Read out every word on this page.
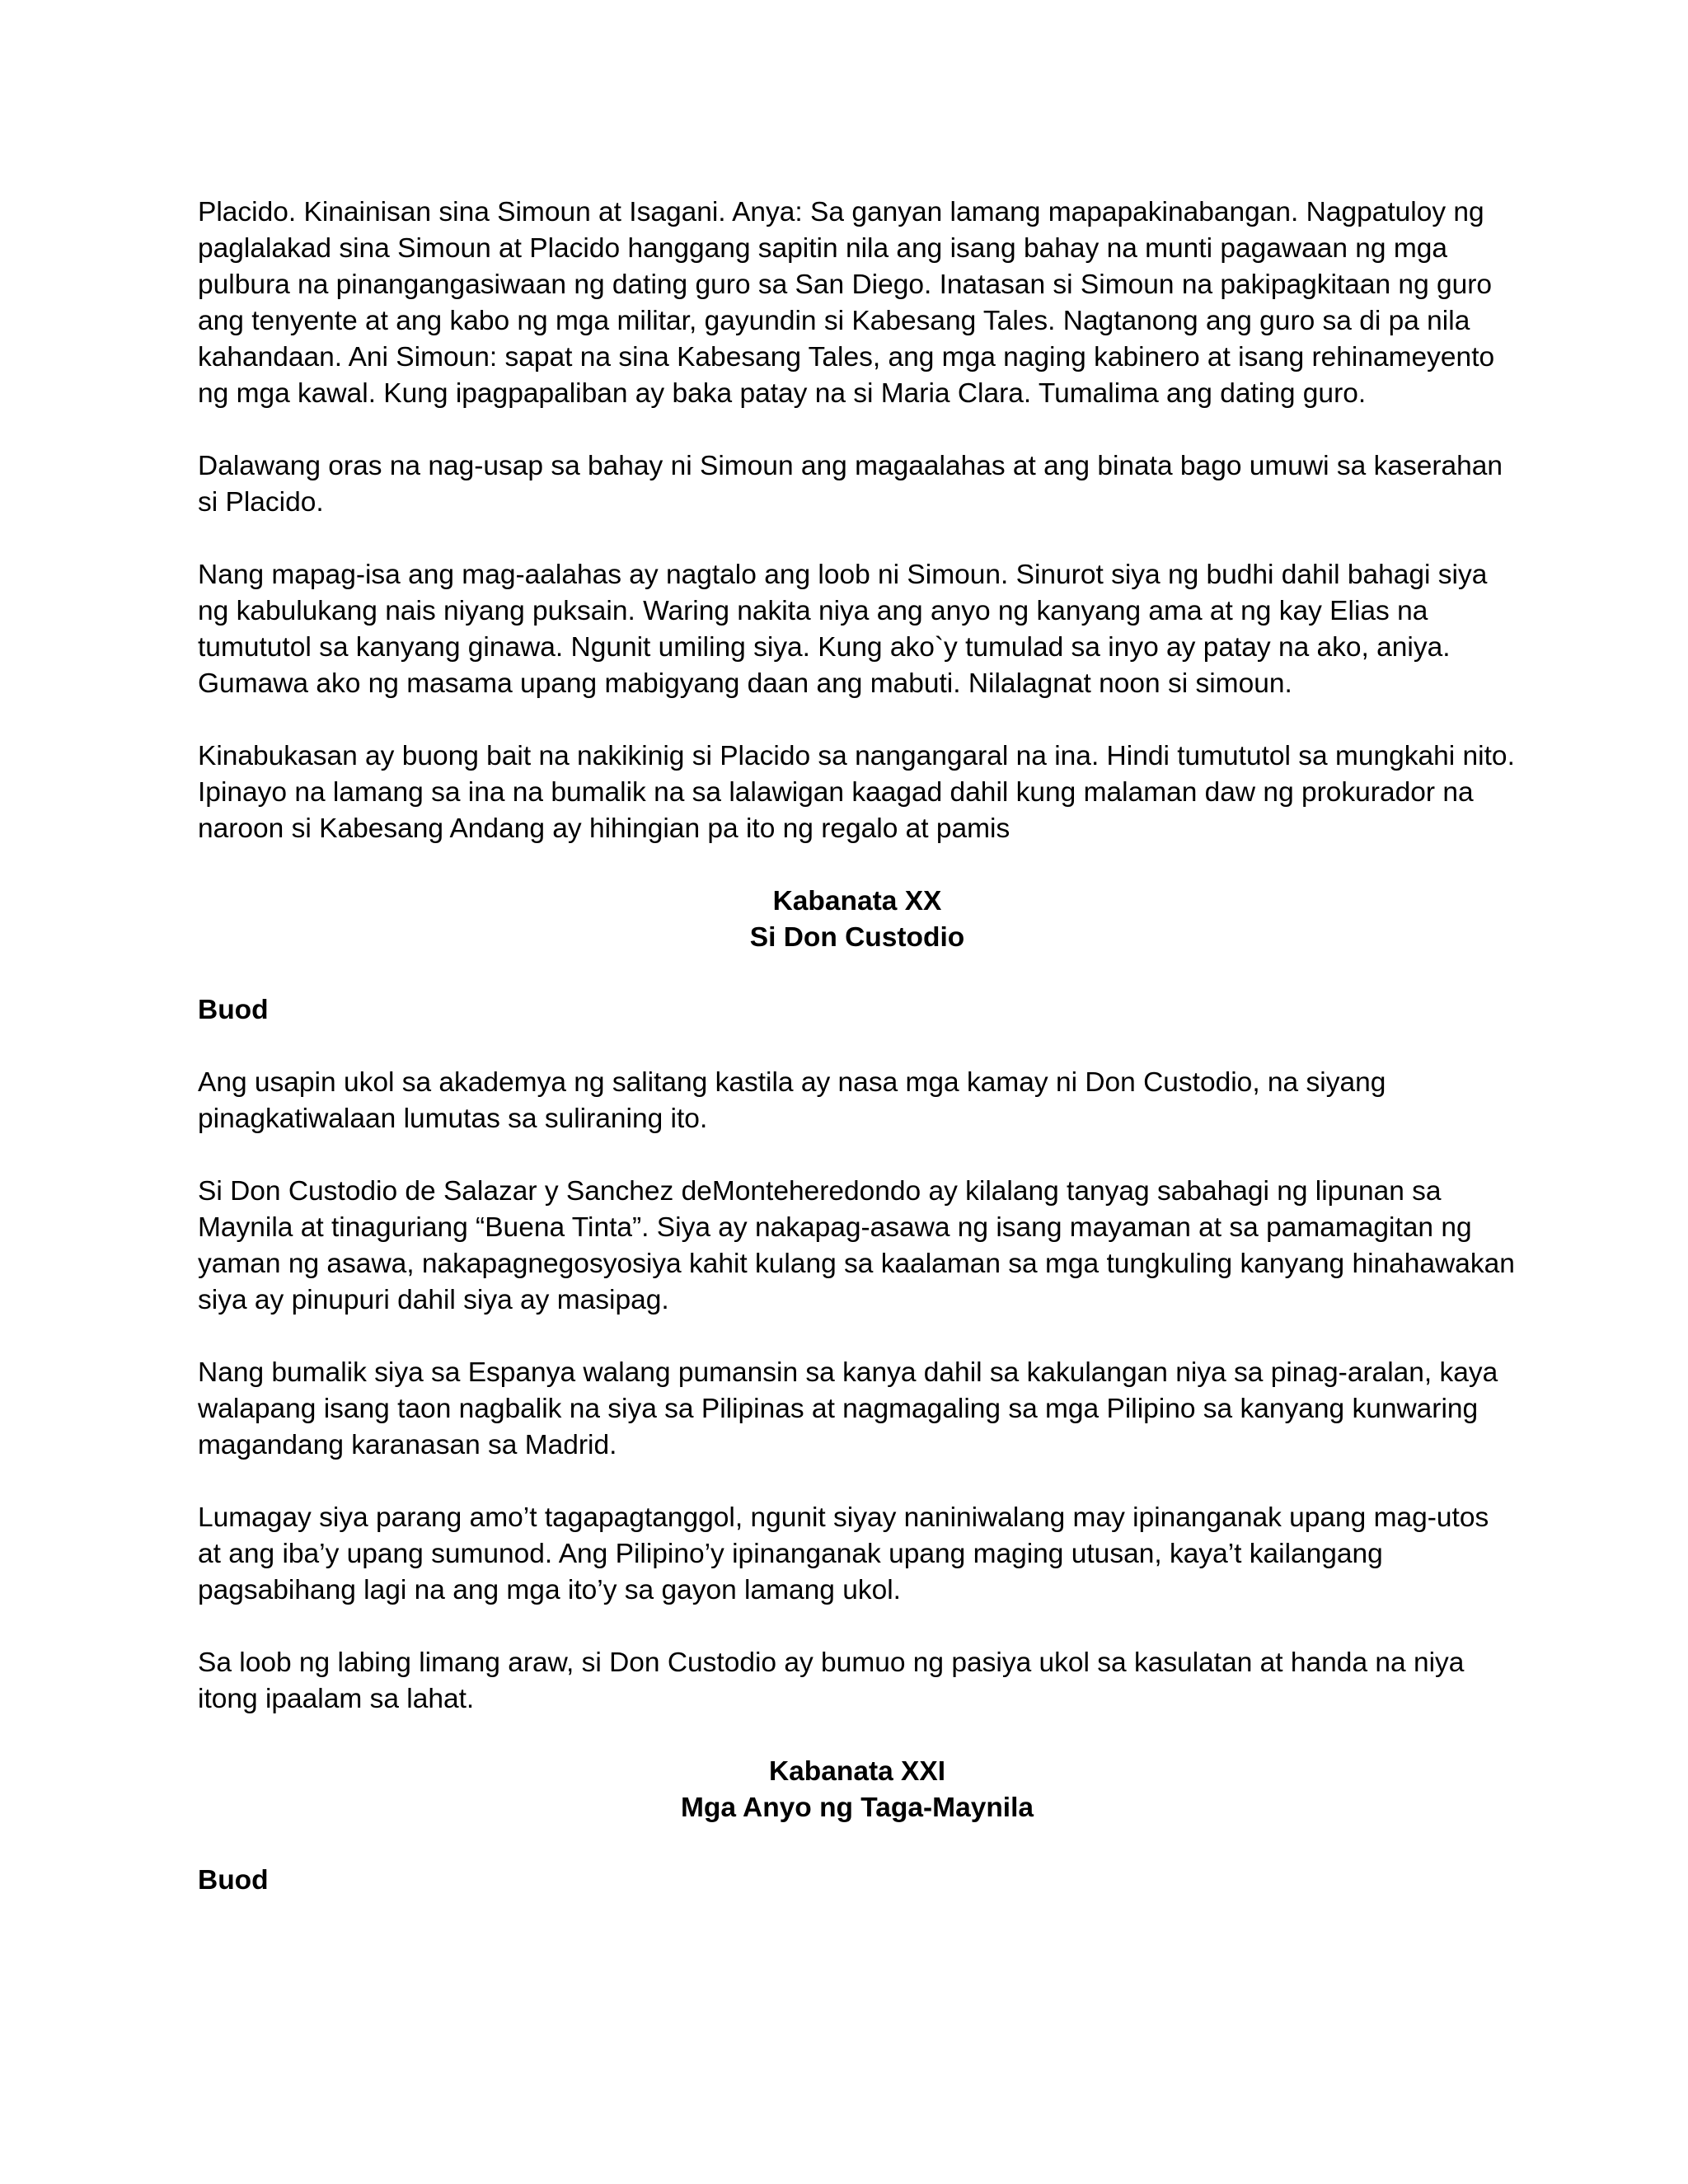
Placido. Kinainisan sina Simoun at Isagani. Anya: Sa ganyan lamang mapapakinabangan. Nagpatuloy ng paglalakad sina Simoun at Placido hanggang sapitin nila ang isang bahay na munti pagawaan ng mga pulbura na pinangangasiwaan ng dating guro sa San Diego. Inatasan si Simoun na pakipagkitaan ng guro ang tenyente at ang kabo ng mga militar, gayundin si Kabesang Tales. Nagtanong ang guro sa di pa nila kahandaan. Ani Simoun: sapat na sina Kabesang Tales, ang mga naging kabinero at isang rehinameyento ng mga kawal. Kung ipagpapaliban ay baka patay na si Maria Clara. Tumalima ang dating guro.

Dalawang oras na nag-usap sa bahay ni Simoun ang magaalahas at ang binata bago umuwi sa kaserahan si Placido.

Nang mapag-isa ang mag-aalahas ay nagtalo ang loob ni Simoun. Sinurot siya ng budhi dahil bahagi siya ng kabulukang nais niyang puksain. Waring nakita niya ang anyo ng kanyang ama at ng kay Elias na tumututol sa kanyang ginawa. Ngunit umiling siya. Kung ako`y tumulad sa inyo ay patay na ako, aniya. Gumawa ako ng masama upang mabigyang daan ang mabuti. Nilalagnat noon si simoun.

Kinabukasan ay buong bait na nakikinig si Placido sa nangangaral na ina. Hindi tumututol sa mungkahi nito. Ipinayo na lamang sa ina na bumalik na sa lalawigan kaagad dahil kung malaman daw ng prokurador na naroon si Kabesang Andang ay hihingian pa ito ng regalo at pamis

Kabanata XX
Si Don Custodio
Buod

Ang usapin ukol sa akademya ng salitang kastila ay nasa mga kamay ni Don Custodio, na siyang pinagkatiwalaan lumutas sa suliraning ito.

Si Don Custodio de Salazar y Sanchez deMonteheredondo ay kilalang tanyag sabahagi ng lipunan sa Maynila at tinaguriang “Buena Tinta”. Siya ay nakapag-asawa ng isang mayaman at sa pamamagitan ng yaman ng asawa, nakapagnegosyosiya kahit kulang sa kaalaman sa mga tungkuling kanyang hinahawakan siya ay pinupuri dahil siya ay masipag.

Nang bumalik siya sa Espanya walang pumansin sa kanya dahil sa kakulangan niya sa pinag-aralan, kaya walapang isang taon nagbalik na siya sa Pilipinas at nagmagaling sa mga Pilipino sa kanyang kunwaring magandang karanasan sa Madrid.

Lumagay siya parang amo’t tagapagtanggol, ngunit siyay naniniwalang may ipinanganak upang mag-utos at ang iba’y upang sumunod. Ang Pilipino’y ipinanganak upang maging utusan, kaya’t kailangang pagsabihang lagi na ang mga ito’y sa gayon lamang ukol.

Sa loob ng labing limang araw, si Don Custodio ay bumuo ng pasiya ukol sa kasulatan at handa na niya itong ipaalam sa lahat.

Kabanata XXI
Mga Anyo ng Taga-Maynila
Buod
